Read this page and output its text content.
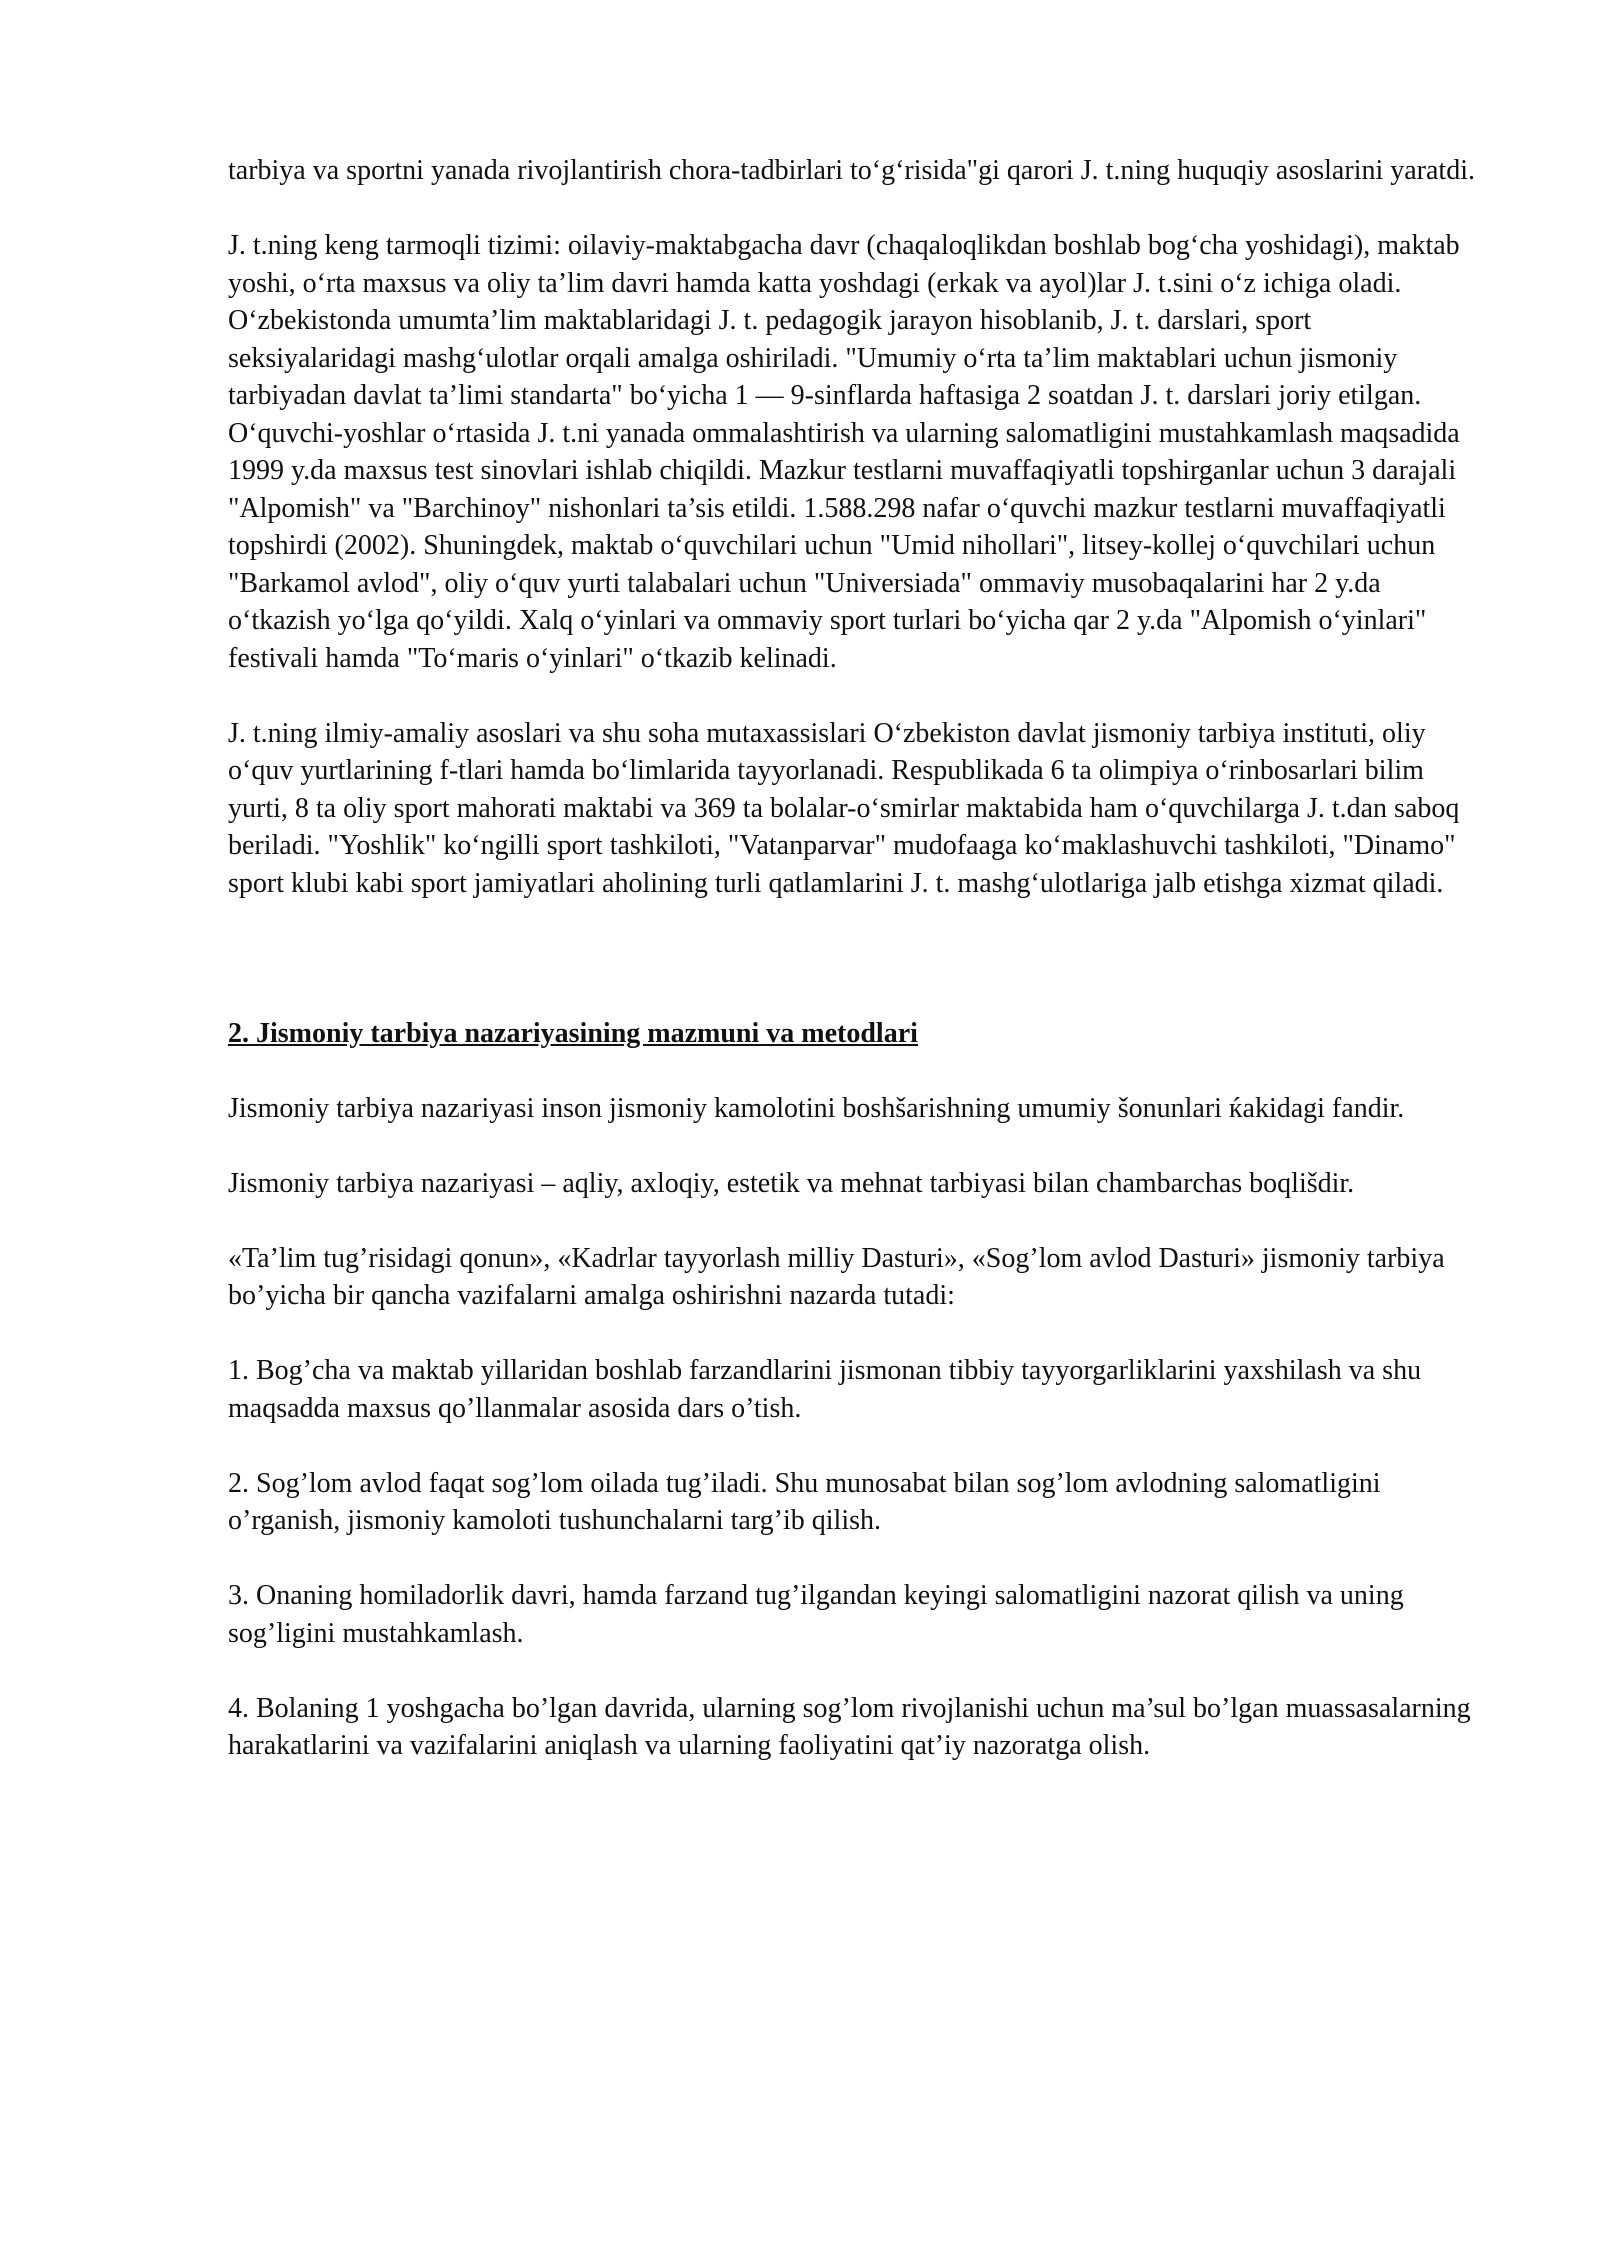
tarbiya va sportni yanada rivojlantirish chora-tadbirlari to‘g‘risida"gi qarori J. t.ning huquqiy asoslarini yaratdi.

J. t.ning keng tarmoqli tizimi: oilaviy-maktabgacha davr (chaqaloqlikdan boshlab bog‘cha yoshidagi), maktab yoshi, o‘rta maxsus va oliy ta’lim davri hamda katta yoshdagi (erkak va ayol)lar J. t.sini o‘z ichiga oladi. O‘zbekistonda umumta’lim maktablaridagi J. t. pedagogik jarayon hisoblanib, J. t. darslari, sport seksiyalaridagi mashg‘ulotlar orqali amalga oshiriladi. "Umumiy o‘rta ta’lim maktablari uchun jismoniy tarbiyadan davlat ta’limi standarta" bo‘yicha 1 — 9-sinflarda haftasiga 2 soatdan J. t. darslari joriy etilgan. O‘quvchi-yoshlar o‘rtasida J. t.ni yanada ommalashtirish va ularning salomatligini mustahkamlash maqsadida 1999 y.da maxsus test sinovlari ishlab chiqildi. Mazkur testlarni muvaffaqiyatli topshirganlar uchun 3 darajali "Alpomish" va "Barchinoy" nishonlari ta’sis etildi. 1.588.298 nafar o‘quvchi mazkur testlarni muvaffaqiyatli topshirdi (2002). Shuningdek, maktab o‘quvchilari uchun "Umid nihollari", litsey-kollej o‘quvchilari uchun "Barkamol avlod", oliy o‘quv yurti talabalari uchun "Universiada" ommaviy musobaqalarini har 2 y.da o‘tkazish yo‘lga qo‘yildi. Xalq o‘yinlari va ommaviy sport turlari bo‘yicha qar 2 y.da "Alpomish o‘yinlari" festivali hamda "To‘maris o‘yinlari" o‘tkazib kelinadi.

J. t.ning ilmiy-amaliy asoslari va shu soha mutaxassislari O‘zbekiston davlat jismoniy tarbiya instituti, oliy o‘quv yurtlarining f-tlari hamda bo‘limlarida tayyorlanadi. Respublikada 6 ta olimpiya o‘rinbosarlari bilim yurti, 8 ta oliy sport mahorati maktabi va 369 ta bolalar-o‘smirlar maktabida ham o‘quvchilarga J. t.dan saboq beriladi. "Yoshlik" ko‘ngilli sport tashkiloti, "Vatanparvar" mudofaaga ko‘maklashuvchi tashkiloti, "Dinamo" sport klubi kabi sport jamiyatlari aholining turli qatlamlarini J. t. mashg‘ulotlariga jalb etishga xizmat qiladi.

2. Jismoniy tarbiya nazariyasining mazmuni va metodlari

Jismoniy tarbiya nazariyasi inson jismoniy kamolotini boshšarishning umumiy šonunlari ќakidagi fandir.

Jismoniy tarbiya nazariyasi – aqliy, axloqiy, estetik va mehnat tarbiyasi bilan chambarchas boqlišdir.

«Ta’lim tug’risidagi qonun», «Kadrlar tayyorlash milliy Dasturi», «Sog’lom avlod Dasturi» jismoniy tarbiya bo’yicha bir qancha vazifalarni amalga oshirishni nazarda tutadi:

1. Bog’cha va maktab yillaridan boshlab farzandlarini jismonan tibbiy tayyorgarliklarini yaxshilash va shu maqsadda maxsus qo’llanmalar asosida dars o’tish.

2. Sog’lom avlod faqat sog’lom oilada tug’iladi. Shu munosabat bilan sog’lom avlodning salomatligini o’rganish, jismoniy kamoloti tushunchalarni targ’ib qilish.

3. Onaning homiladorlik davri, hamda farzand tug’ilgandan keyingi salomatligini nazorat qilish va uning sog’ligini mustahkamlash.

4. Bolaning 1 yoshgacha bo’lgan davrida, ularning sog’lom rivojlanishi uchun ma’sul bo’lgan muassasalarning harakatlarini va vazifalarini aniqlash va ularning faoliyatini qat’iy nazoratga olish.
